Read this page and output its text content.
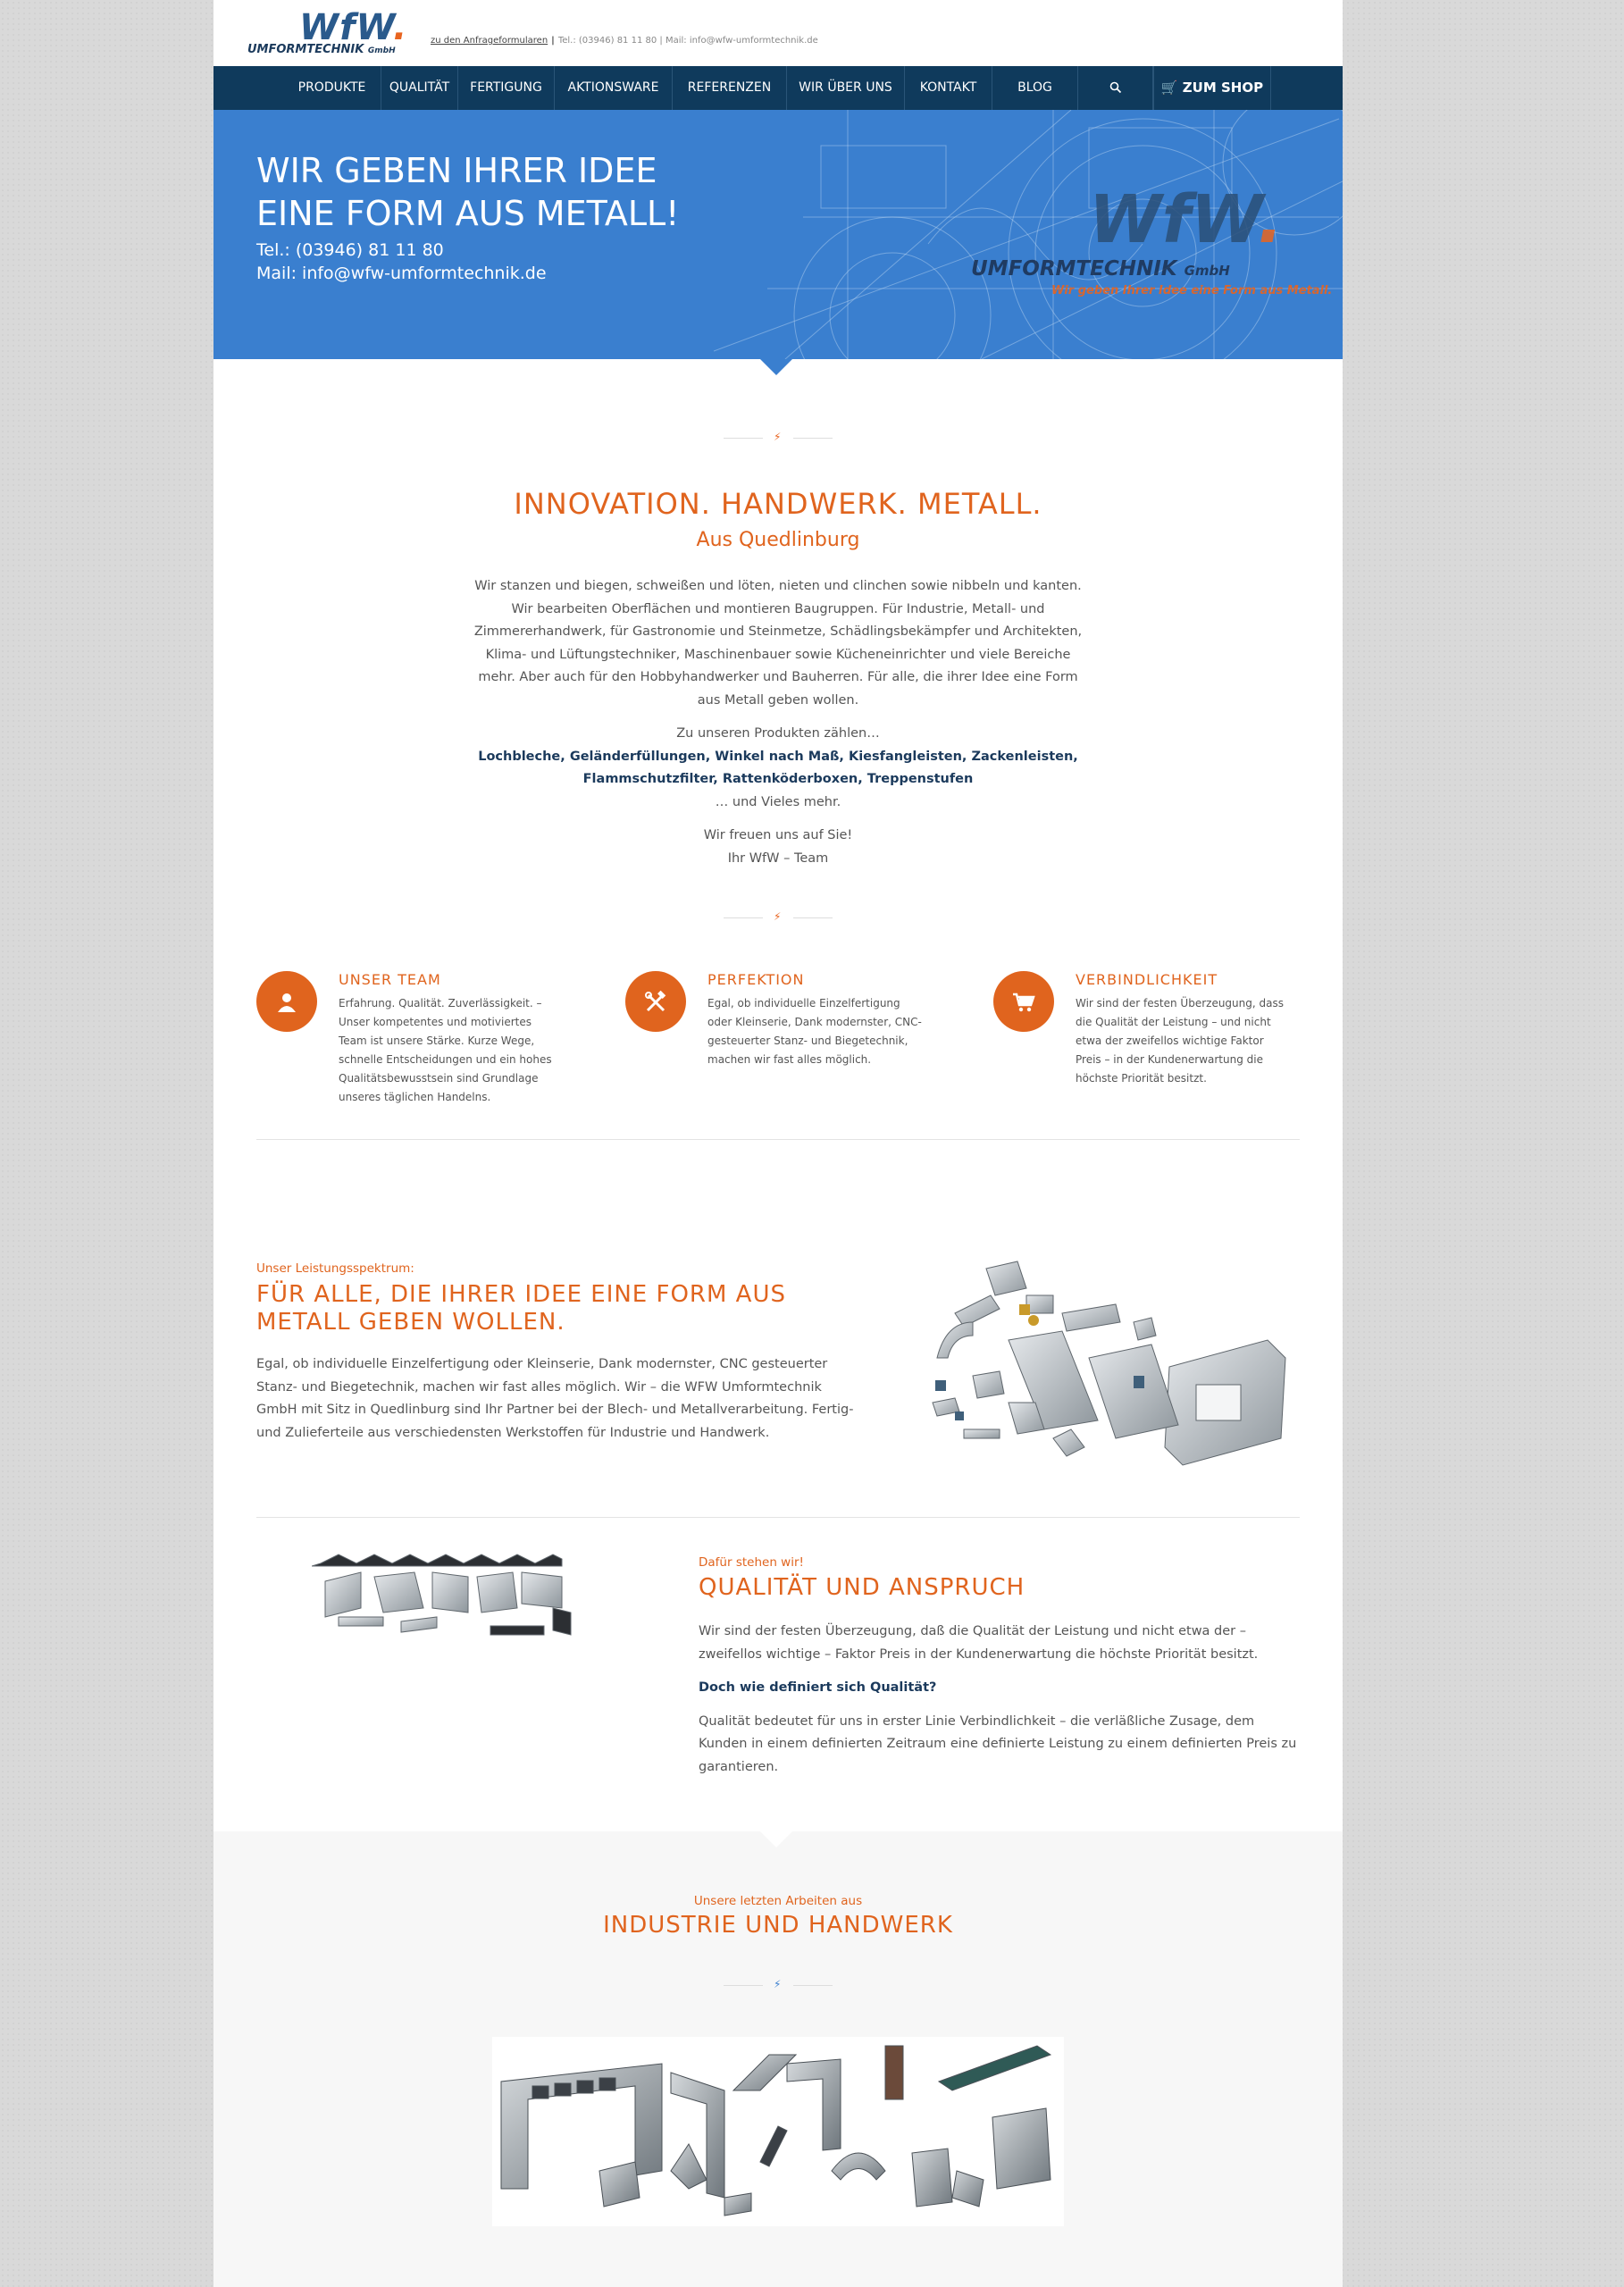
WfW.
UMFORMTECHNIK GmbH
zu den Anfrageformularen | Tel.: (03946) 81 11 80 | Mail: info@wfw-umformtechnik.de
PRODUKTE	QUALITÄT	FERTIGUNG	AKTIONSWARE	REFERENZEN	WIR ÜBER UNS	KONTAKT	BLOG	🛒 ZUM SHOP
WIR GEBEN IHRER IDEE
EINE FORM AUS METALL!
Tel.: (03946) 81 11 80
Mail: info@wfw-umformtechnik.de
WfW.
UMFORMTECHNIK GmbH
Wir geben Ihrer Idee eine Form aus Metall.
⚡
INNOVATION. HANDWERK. METALL.
Aus Quedlinburg

Wir stanzen und biegen, schweißen und löten, nieten und clinchen sowie nibbeln und kanten. Wir bearbeiten Oberflächen und montieren Baugruppen. Für Industrie, Metall- und Zimmererhandwerk, für Gastronomie und Steinmetze, Schädlingsbekämpfer und Architekten, Klima- und Lüftungstechniker, Maschinenbauer sowie Kücheneinrichter und viele Bereiche mehr. Aber auch für den Hobbyhandwerker und Bauherren. Für alle, die ihrer Idee eine Form aus Metall geben wollen.

Zu unseren Produkten zählen…

Lochbleche, Geländerfüllungen, Winkel nach Maß, Kiesfangleisten, Zackenleisten, Flammschutzfilter, Rattenköderboxen, Treppenstufen

… und Vieles mehr.

Wir freuen uns auf Sie!

Ihr WfW – Team

⚡
UNSER TEAM
Erfahrung. Qualität. Zuverlässigkeit. – Unser kompetentes und motiviertes Team ist unsere Stärke. Kurze Wege, schnelle Entscheidungen und ein hohes Qualitätsbewusstsein sind Grundlage unseres täglichen Handelns.
PERFEKTION
Egal, ob individuelle Einzelfertigung oder Kleinserie, Dank modernster, CNC-gesteuerter Stanz- und Biegetechnik, machen wir fast alles möglich.
VERBINDLICHKEIT
Wir sind der festen Überzeugung, dass die Qualität der Leistung – und nicht etwa der zweifellos wichtige Faktor Preis – in der Kundenerwartung die höchste Priorität besitzt.
Unser Leistungsspektrum:
FÜR ALLE, DIE IHRER IDEE EINE FORM AUS
METALL GEBEN WOLLEN.
Egal, ob individuelle Einzelfertigung oder Kleinserie, Dank modernster, CNC gesteuerter Stanz- und Biegetechnik, machen wir fast alles möglich. Wir – die WFW Umformtechnik GmbH mit Sitz in Quedlinburg sind Ihr Partner bei der Blech- und Metallverarbeitung. Fertig- und Zulieferteile aus verschiedensten Werkstoffen für Industrie und Handwerk.
Dafür stehen wir!
QUALITÄT UND ANSPRUCH

Wir sind der festen Überzeugung, daß die Qualität der Leistung und nicht etwa der – zweifellos wichtige – Faktor Preis in der Kundenerwartung die höchste Priorität besitzt.

Doch wie definiert sich Qualität?

Qualität bedeutet für uns in erster Linie Verbindlichkeit – die verläßliche Zusage, dem Kunden in einem definierten Zeitraum eine definierte Leistung zu einem definierten Preis zu garantieren.

Unsere letzten Arbeiten aus
INDUSTRIE UND HANDWERK
⚡
